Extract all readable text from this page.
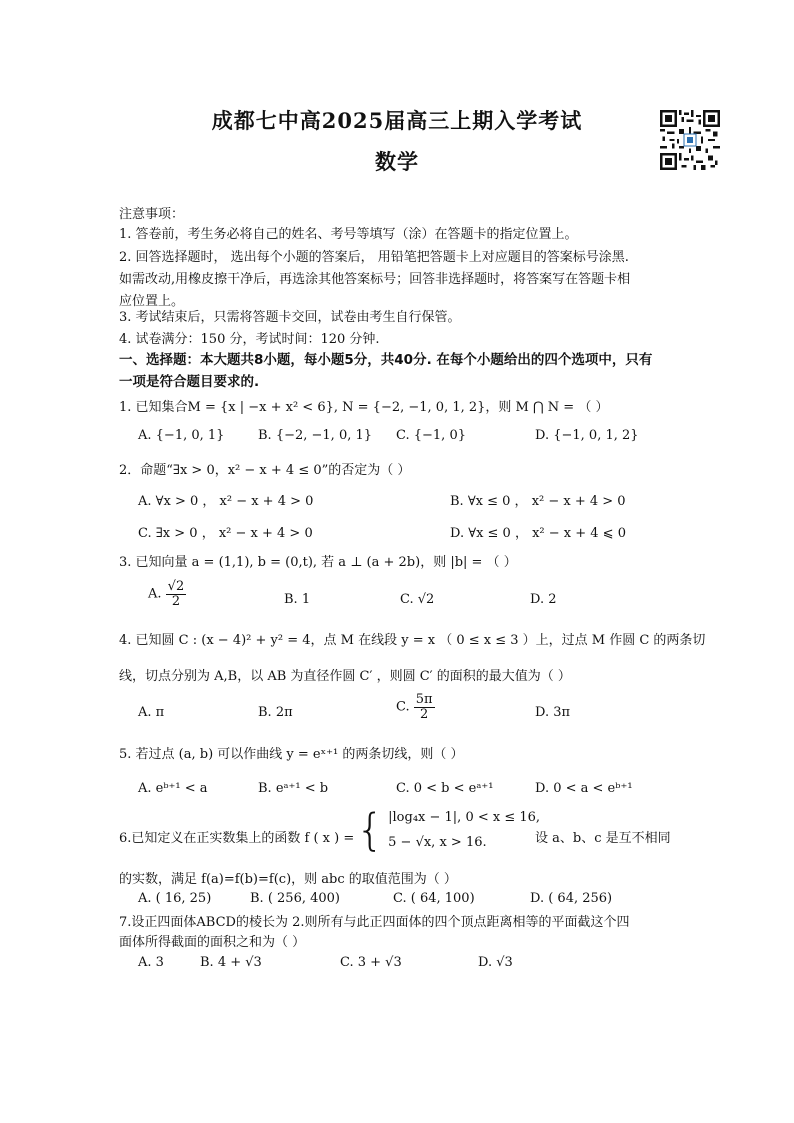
成都七中高2025届高三上期入学考试
数学
注意事项：
1. 答卷前，考生务必将自己的姓名、考号等填写（涂）在答题卡的指定位置上。
2. 回答选择题时， 选出每个小题的答案后， 用铅笔把答题卡上对应题目的答案标号涂黑.
如需改动,用橡皮擦干净后，再选涂其他答案标号；回答非选择题时，将答案写在答题卡相
应位置上。
3. 考试结束后，只需将答题卡交回，试卷由考生自行保管。
4. 试卷满分：150 分，考试时间：120 分钟.
一、选择题：本大题共8小题，每小题5分，共40分. 在每个小题给出的四个选项中，只有
一项是符合题目要求的.
1. 已知集合M = {x | −x + x² < 6}, N = {−2, −1, 0, 1, 2}，则 M ⋂ N = （ ）
A. {−1, 0, 1}	B. {−2, −1, 0, 1} C. {−1, 0}	D. {−1, 0, 1, 2}
2．命题“∃x > 0，x² − x + 4 ≤ 0”的否定为（ ）
A. ∀x > 0 ， x² − x + 4 > 0	B. ∀x ≤ 0 ， x² − x + 4 > 0
C. ∃x > 0 ， x² − x + 4 > 0	D. ∀x ≤ 0 ， x² − x + 4 ⩽ 0
3. 已知向量 a = (1,1), b = (0,t), 若 a ⊥ (a + 2b)，则 |b| = （ ）
A. $\frac{√2}{2}$	B. 1	C. √2	D. 2
4. 已知圆 C : (x − 4)² + y² = 4，点 M 在线段 y = x （ 0 ≤ x ≤ 3 ）上，过点 M 作圆 C 的两条切
线，切点分别为 A,B，以 AB 为直径作圆 C′ ，则圆 C′ 的面积的最大值为（ ）
A. π	B. 2π	C. $\frac{5\pi}{2}$	D. 3π
5. 若过点 (a, b) 可以作曲线 y = eˣ⁺¹ 的两条切线，则（ ）
A. eᵇ⁺¹ < a	B. eᵃ⁺¹ < b	C. 0 < b < eᵃ⁺¹	D. 0 < a < eᵇ⁺¹
6.已知定义在正实数集上的函数 f ( x ) = { |log₄x − 1|, 0 < x ≤ 16,
5 − √x, x > 16.	设 a、b、c 是互不相同
的实数，满足 f(a)=f(b)=f(c)，则 abc 的取值范围为（ ）
A. ( 16, 25)	B. ( 256, 400)	C. ( 64, 100)	D. ( 64, 256)
7.设正四面体ABCD的棱长为 2.则所有与此正四面体的四个顶点距离相等的平面截这个四
面体所得截面的面积之和为（ ）
A. 3	B. 4 + √3	C. 3 + √3	D. √3
